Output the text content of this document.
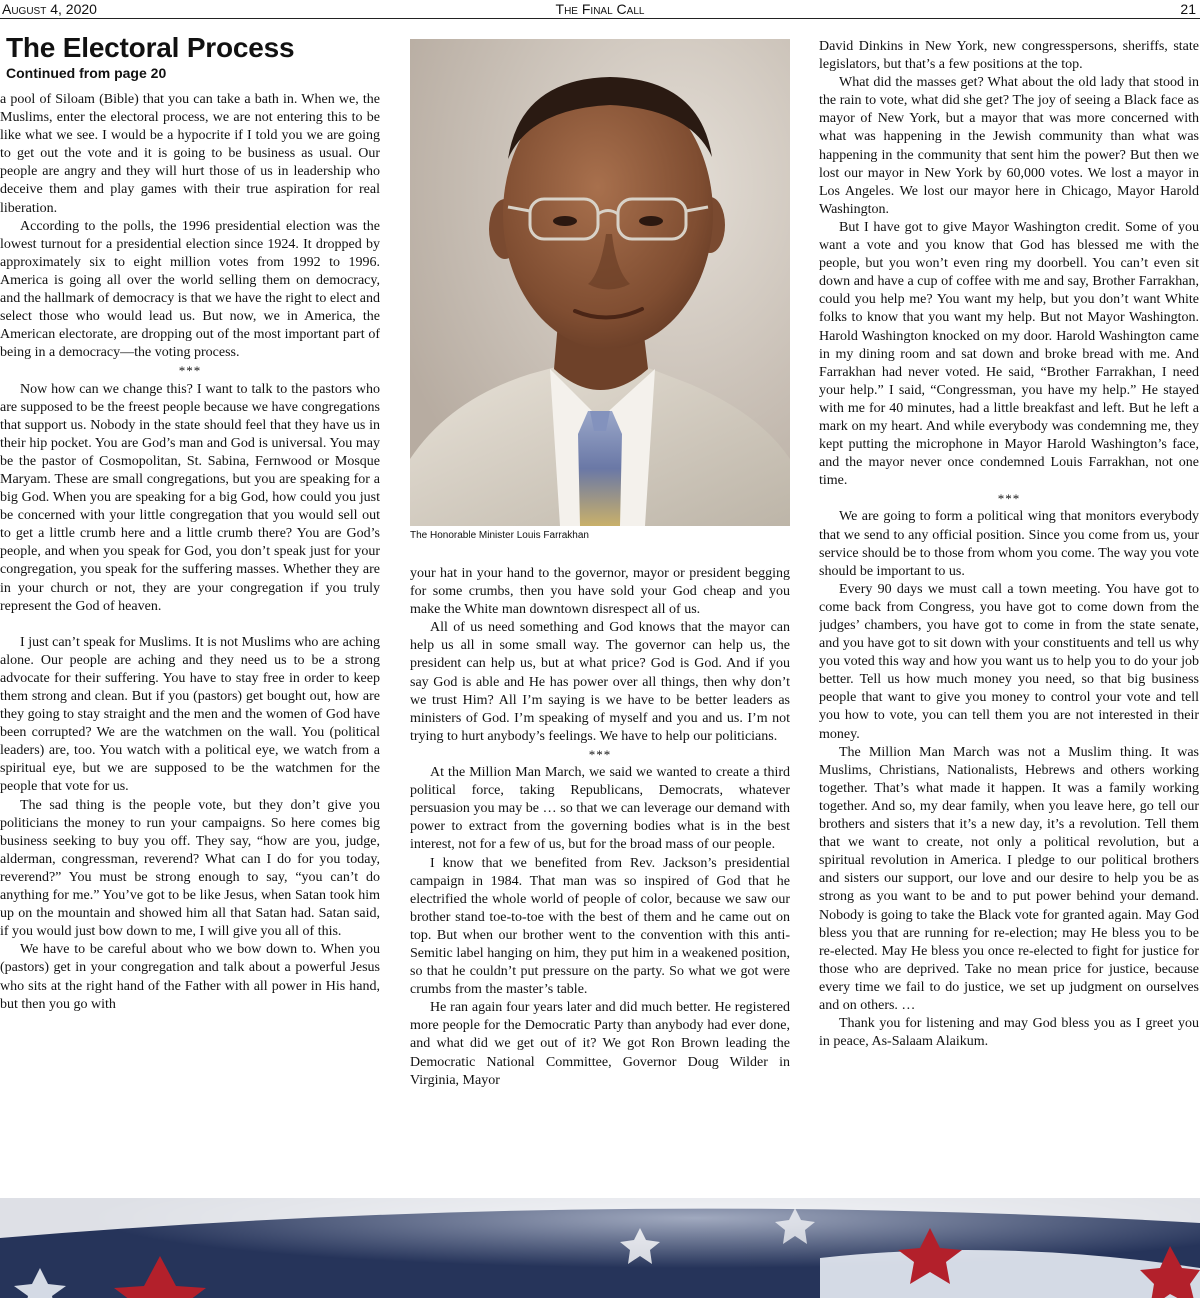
August 4, 2020	The Final Call	21
The Electoral Process
Continued from page 20

a pool of Siloam (Bible) that you can take a bath in. When we, the Muslims, enter the electoral process, we are not entering this to be like what we see. I would be a hypocrite if I told you we are going to get out the vote and it is going to be business as usual. Our people are angry and they will hurt those of us in leadership who deceive them and play games with their true aspiration for real liberation.

According to the polls, the 1996 presidential election was the lowest turnout for a presidential election since 1924. It dropped by approximately six to eight million votes from 1992 to 1996. America is going all over the world selling them on democracy, and the hallmark of democracy is that we have the right to elect and select those who would lead us. But now, we in America, the American electorate, are dropping out of the most important part of being in a democracy—the voting process.

***

Now how can we change this? I want to talk to the pastors who are supposed to be the freest people because we have congregations that support us. Nobody in the state should feel that they have us in their hip pocket. You are God’s man and God is universal. You may be the pastor of Cosmopolitan, St. Sabina, Fernwood or Mosque Maryam. These are small congregations, but you are speaking for a big God. When you are speaking for a big God, how could you just be concerned with your little congregation that you would sell out to get a little crumb here and a little crumb there? You are God’s people, and when you speak for God, you don’t speak just for your congregation, you speak for the suffering masses. Whether they are in your church or not, they are your congregation if you truly represent the God of heaven.

I just can’t speak for Muslims. It is not Muslims who are aching alone. Our people are aching and they need us to be a strong advocate for their suffering. You have to stay free in order to keep them strong and clean. But if you (pastors) get bought out, how are they going to stay straight and the men and the women of God have been corrupted? We are the watchmen on the wall. You (political leaders) are, too. You watch with a political eye, we watch from a spiritual eye, but we are supposed to be the watchmen for the people that vote for us.

The sad thing is the people vote, but they don’t give you politicians the money to run your campaigns. So here comes big business seeking to buy you off. They say, “how are you, judge, alderman, congressman, reverend? What can I do for you today, reverend?” You must be strong enough to say, “you can’t do anything for me.” You’ve got to be like Jesus, when Satan took him up on the mountain and showed him all that Satan had. Satan said, if you would just bow down to me, I will give you all of this.

We have to be careful about who we bow down to. When you (pastors) get in your congregation and talk about a powerful Jesus who sits at the right hand of the Father with all power in His hand, but then you go with

The Honorable Minister Louis Farrakhan

your hat in your hand to the governor, mayor or president begging for some crumbs, then you have sold your God cheap and you make the White man downtown disrespect all of us.

All of us need something and God knows that the mayor can help us all in some small way. The governor can help us, the president can help us, but at what price? God is God. And if you say God is able and He has power over all things, then why don’t we trust Him? All I’m saying is we have to be better leaders as ministers of God. I’m speaking of myself and you and us. I’m not trying to hurt anybody’s feelings. We have to help our politicians.

***

At the Million Man March, we said we wanted to create a third political force, taking Republicans, Democrats, whatever persuasion you may be … so that we can leverage our demand with power to extract from the governing bodies what is in the best interest, not for a few of us, but for the broad mass of our people.

I know that we benefited from Rev. Jackson’s presidential campaign in 1984. That man was so inspired of God that he electrified the whole world of people of color, because we saw our brother stand toe-to-toe with the best of them and he came out on top. But when our brother went to the convention with this anti-Semitic label hanging on him, they put him in a weakened position, so that he couldn’t put pressure on the party. So what we got were crumbs from the master’s table.

He ran again four years later and did much better. He registered more people for the Democratic Party than anybody had ever done, and what did we get out of it? We got Ron Brown leading the Democratic National Committee, Governor Doug Wilder in Virginia, Mayor

David Dinkins in New York, new congresspersons, sheriffs, state legislators, but that’s a few positions at the top.

What did the masses get? What about the old lady that stood in the rain to vote, what did she get? The joy of seeing a Black face as mayor of New York, but a mayor that was more concerned with what was happening in the Jewish community than what was happening in the community that sent him the power? But then we lost our mayor in New York by 60,000 votes. We lost a mayor in Los Angeles. We lost our mayor here in Chicago, Mayor Harold Washington.

But I have got to give Mayor Washington credit. Some of you want a vote and you know that God has blessed me with the people, but you won’t even ring my doorbell. You can’t even sit down and have a cup of coffee with me and say, Brother Farrakhan, could you help me? You want my help, but you don’t want White folks to know that you want my help. But not Mayor Washington. Harold Washington knocked on my door. Harold Washington came in my dining room and sat down and broke bread with me. And Farrakhan had never voted. He said, “Brother Farrakhan, I need your help.” I said, “Congressman, you have my help.” He stayed with me for 40 minutes, had a little breakfast and left. But he left a mark on my heart. And while everybody was condemning me, they kept putting the microphone in Mayor Harold Washington’s face, and the mayor never once condemned Louis Farrakhan, not one time.

***

We are going to form a political wing that monitors everybody that we send to any official position. Since you come from us, your service should be to those from whom you come. The way you vote should be important to us.

Every 90 days we must call a town meeting. You have got to come back from Congress, you have got to come down from the judges’ chambers, you have got to come in from the state senate, and you have got to sit down with your constituents and tell us why you voted this way and how you want us to help you to do your job better. Tell us how much money you need, so that big business people that want to give you money to control your vote and tell you how to vote, you can tell them you are not interested in their money.

The Million Man March was not a Muslim thing. It was Muslims, Christians, Nationalists, Hebrews and others working together. That’s what made it happen. It was a family working together. And so, my dear family, when you leave here, go tell our brothers and sisters that it’s a new day, it’s a revolution. Tell them that we want to create, not only a political revolution, but a spiritual revolution in America. I pledge to our political brothers and sisters our support, our love and our desire to help you be as strong as you want to be and to put power behind your demand. Nobody is going to take the Black vote for granted again. May God bless you that are running for re-election; may He bless you to be re-elected. May He bless you once re-elected to fight for justice for those who are deprived. Take no mean price for justice, because every time we fail to do justice, we set up judgment on ourselves and on others. …

Thank you for listening and may God bless you as I greet you in peace, As-Salaam Alaikum.
